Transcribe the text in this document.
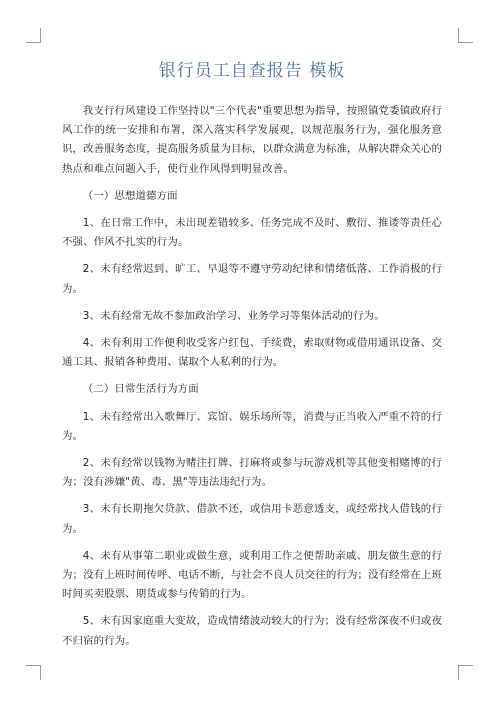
银行员工自查报告 模板

我支行行风建设工作坚持以"三个代表"重要思想为指导，按照镇党委镇政府行风工作的统一安排和布署，深入落实科学发展观，以规范服务行为，强化服务意识，改善服务态度，提高服务质量为目标，以群众满意为标准，从解决群众关心的热点和难点问题入手，使行业作风得到明显改善。

（一）思想道德方面

1、在日常工作中，未出现差错较多、任务完成不及时、敷衍、推诿等责任心不强、作风不扎实的行为。

2、未有经常迟到、旷工、早退等不遵守劳动纪律和情绪低落、工作消极的行为。

3、未有经常无故不参加政治学习、业务学习等集体活动的行为。

4、未有利用工作便利收受客户红包、手续费，索取财物或借用通讯设备、交通工具、报销各种费用、谋取个人私利的行为。

（二）日常生活行为方面

1、未有经常出入歌舞厅、宾馆、娱乐场所等，消费与正当收入严重不符的行为。

2、未有经常以钱物为赌注打牌、打麻将或参与玩游戏机等其他变相赌博的行为；没有涉嫌"黄、毒、黑"等违法违纪行为。

3、未有长期拖欠贷款、借款不还，或信用卡恶意透支，或经常找人借钱的行为。

4、未有从事第二职业或做生意，或利用工作之便帮助亲戚、朋友做生意的行为；没有上班时间传呼、电话不断，与社会不良人员交往的行为；没有经常在上班时间买卖股票、期货或参与传销的行为。

5、未有因家庭重大变故，造成情绪波动较大的行为；没有经常深夜不归或夜不归宿的行为。
